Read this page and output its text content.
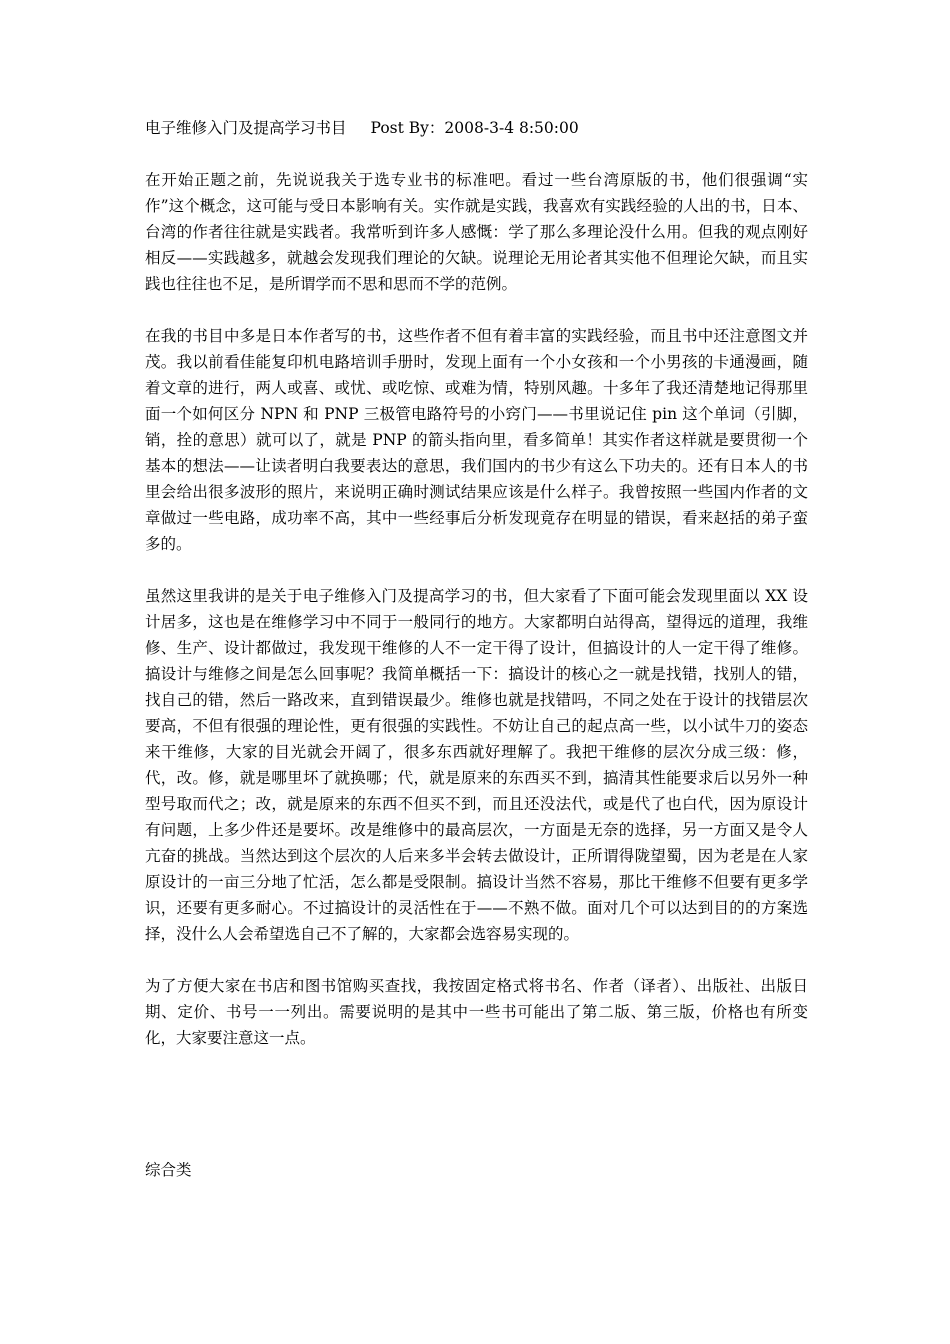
电子维修入门及提高学习书目 Post By：2008-3-4 8:50:00

在开始正题之前，先说说我关于选专业书的标准吧。看过一些台湾原版的书，他们很强调“实作”这个概念，这可能与受日本影响有关。实作就是实践，我喜欢有实践经验的人出的书，日本、台湾的作者往往就是实践者。我常听到许多人感慨：学了那么多理论没什么用。但我的观点刚好相反——实践越多，就越会发现我们理论的欠缺。说理论无用论者其实他不但理论欠缺，而且实践也往往也不足，是所谓学而不思和思而不学的范例。

在我的书目中多是日本作者写的书，这些作者不但有着丰富的实践经验，而且书中还注意图文并茂。我以前看佳能复印机电路培训手册时，发现上面有一个小女孩和一个小男孩的卡通漫画，随着文章的进行，两人或喜、或忧、或吃惊、或难为情，特别风趣。十多年了我还清楚地记得那里面一个如何区分 NPN 和 PNP 三极管电路符号的小窍门——书里说记住 pin 这个单词（引脚，销，拴的意思）就可以了，就是 PNP 的箭头指向里，看多简单！其实作者这样就是要贯彻一个基本的想法——让读者明白我要表达的意思，我们国内的书少有这么下功夫的。还有日本人的书里会给出很多波形的照片，来说明正确时测试结果应该是什么样子。我曾按照一些国内作者的文章做过一些电路，成功率不高，其中一些经事后分析发现竟存在明显的错误，看来赵括的弟子蛮多的。

虽然这里我讲的是关于电子维修入门及提高学习的书，但大家看了下面可能会发现里面以 XX 设计居多，这也是在维修学习中不同于一般同行的地方。大家都明白站得高，望得远的道理，我维修、生产、设计都做过，我发现干维修的人不一定干得了设计，但搞设计的人一定干得了维修。搞设计与维修之间是怎么回事呢？我简单概括一下：搞设计的核心之一就是找错，找别人的错，找自己的错，然后一路改来，直到错误最少。维修也就是找错吗，不同之处在于设计的找错层次要高，不但有很强的理论性，更有很强的实践性。不妨让自己的起点高一些，以小试牛刀的姿态来干维修，大家的目光就会开阔了，很多东西就好理解了。我把干维修的层次分成三级：修，代，改。修，就是哪里坏了就换哪；代，就是原来的东西买不到，搞清其性能要求后以另外一种型号取而代之；改，就是原来的东西不但买不到，而且还没法代，或是代了也白代，因为原设计有问题，上多少件还是要坏。改是维修中的最高层次，一方面是无奈的选择，另一方面又是令人亢奋的挑战。当然达到这个层次的人后来多半会转去做设计，正所谓得陇望蜀，因为老是在人家原设计的一亩三分地了忙活，怎么都是受限制。搞设计当然不容易，那比干维修不但要有更多学识，还要有更多耐心。不过搞设计的灵活性在于——不熟不做。面对几个可以达到目的的方案选择，没什么人会希望选自己不了解的，大家都会选容易实现的。

为了方便大家在书店和图书馆购买查找，我按固定格式将书名、作者（译者）、出版社、出版日期、定价、书号一一列出。需要说明的是其中一些书可能出了第二版、第三版，价格也有所变化，大家要注意这一点。

综合类
